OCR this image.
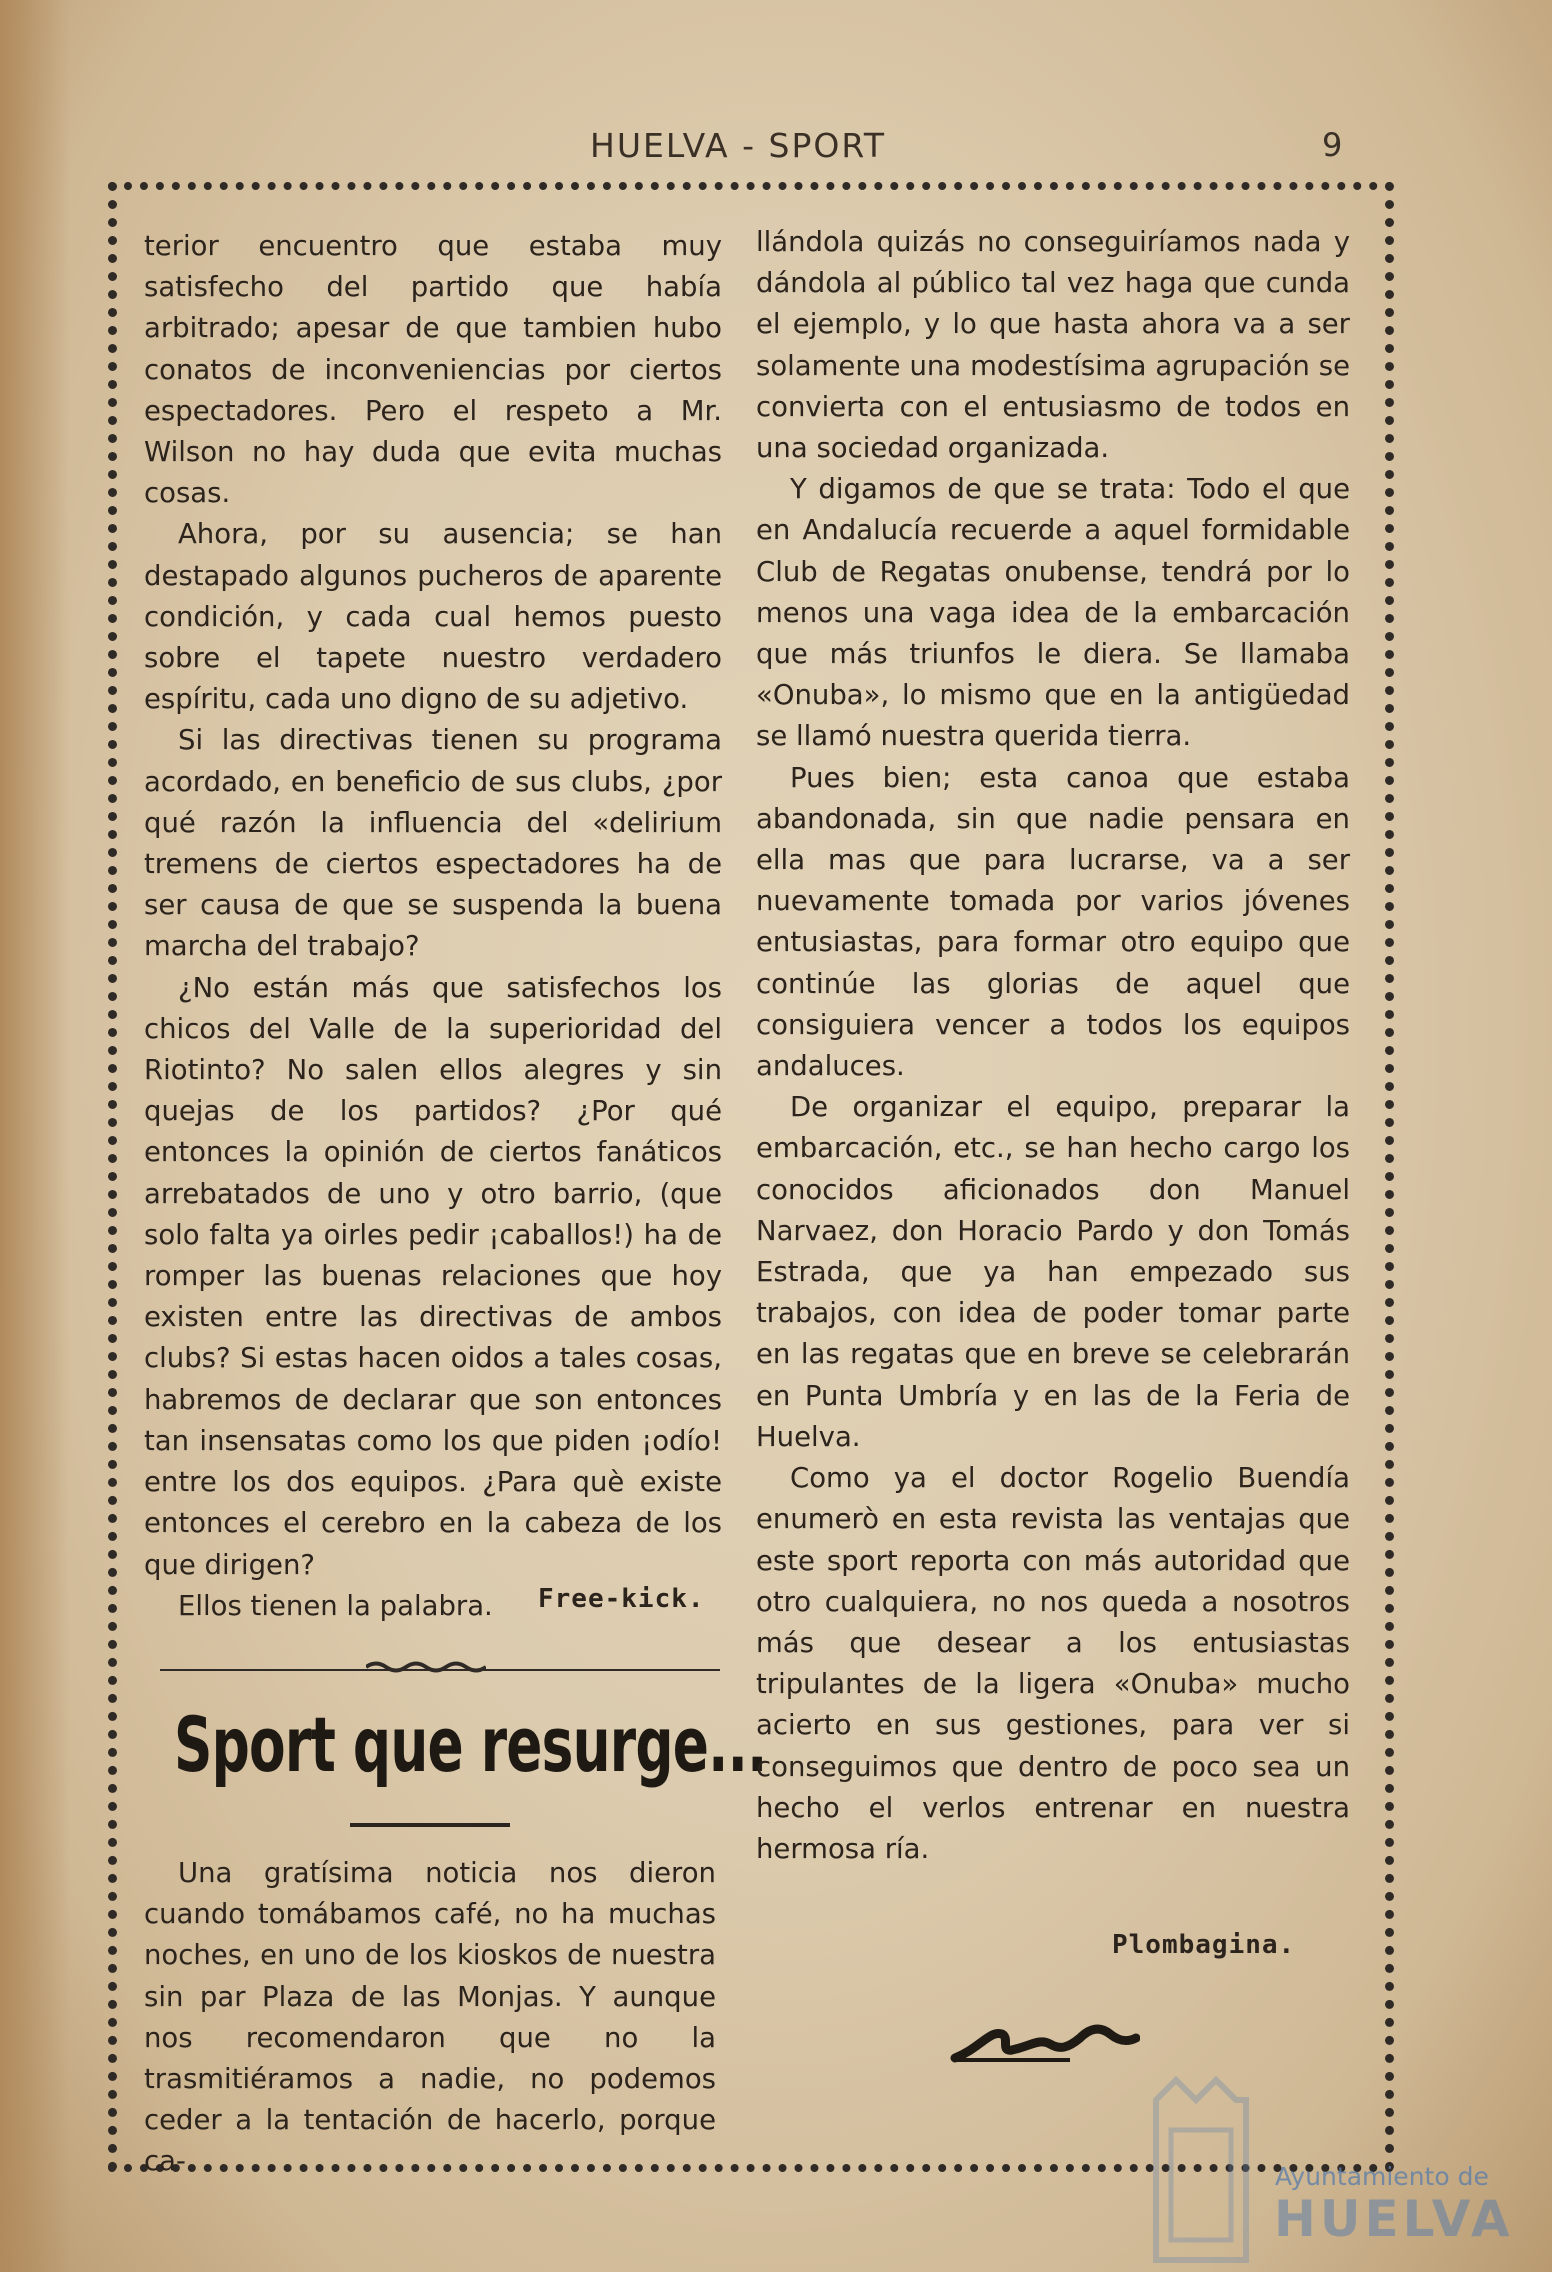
HUELVA - SPORT	9

terior encuentro que estaba muy satisfecho del partido que había arbitrado; apesar de que tambien hubo conatos de inconveniencias por ciertos espectadores. Pero el respeto a Mr. Wilson no hay duda que evita muchas cosas.

Ahora, por su ausencia; se han destapado algunos pucheros de aparente condición, y cada cual hemos puesto sobre el tapete nuestro verdadero espíritu, cada uno digno de su adjetivo.

Si las directivas tienen su programa acordado, en beneficio de sus clubs, ¿por qué razón la influencia del «delirium tremens de ciertos espectadores ha de ser causa de que se suspenda la buena marcha del trabajo?

¿No están más que satisfechos los chicos del Valle de la superioridad del Riotinto? No salen ellos alegres y sin quejas de los partidos? ¿Por qué entonces la opinión de ciertos fanáticos arrebatados de uno y otro barrio, (que solo falta ya oirles pedir ¡caballos!) ha de romper las buenas relaciones que hoy existen entre las directivas de ambos clubs? Si estas hacen oidos a tales cosas, habremos de declarar que son entonces tan insensatas como los que piden ¡odío! entre los dos equipos. ¿Para què existe entonces el cerebro en la cabeza de los que dirigen?

Ellos tienen la palabra.	Free-kick.
Sport que resurge...

Una gratísima noticia nos dieron cuando tomábamos café, no ha muchas noches, en uno de los kioskos de nuestra sin par Plaza de las Monjas. Y aunque nos recomendaron que no la trasmitiéramos a nadie, no podemos ceder a la tentación de hacerlo, porque ca-

llándola quizás no conseguiríamos nada y dándola al público tal vez haga que cunda el ejemplo, y lo que hasta ahora va a ser solamente una modestísima agrupación se convierta con el entusiasmo de todos en una sociedad organizada.

Y digamos de que se trata: Todo el que en Andalucía recuerde a aquel formidable Club de Regatas onubense, tendrá por lo menos una vaga idea de la embarcación que más triunfos le diera. Se llamaba «Onuba», lo mismo que en la antigüedad se llamó nuestra querida tierra.

Pues bien; esta canoa que estaba abandonada, sin que nadie pensara en ella mas que para lucrarse, va a ser nuevamente tomada por varios jóvenes entusiastas, para formar otro equipo que continúe las glorias de aquel que consiguiera vencer a todos los equipos andaluces.

De organizar el equipo, preparar la embarcación, etc., se han hecho cargo los conocidos aficionados don Manuel Narvaez, don Horacio Pardo y don Tomás Estrada, que ya han empezado sus trabajos, con idea de poder tomar parte en las regatas que en breve se celebrarán en Punta Umbría y en las de la Feria de Huelva.

Como ya el doctor Rogelio Buendía enumerò en esta revista las ventajas que este sport reporta con más autoridad que otro cualquiera, no nos queda a nosotros más que desear a los entusiastas tripulantes de la ligera «Onuba» mucho acierto en sus gestiones, para ver si conseguimos que dentro de poco sea un hecho el verlos entrenar en nuestra hermosa ría.

Plombagina.
Ayuntamiento de
HUELVA
